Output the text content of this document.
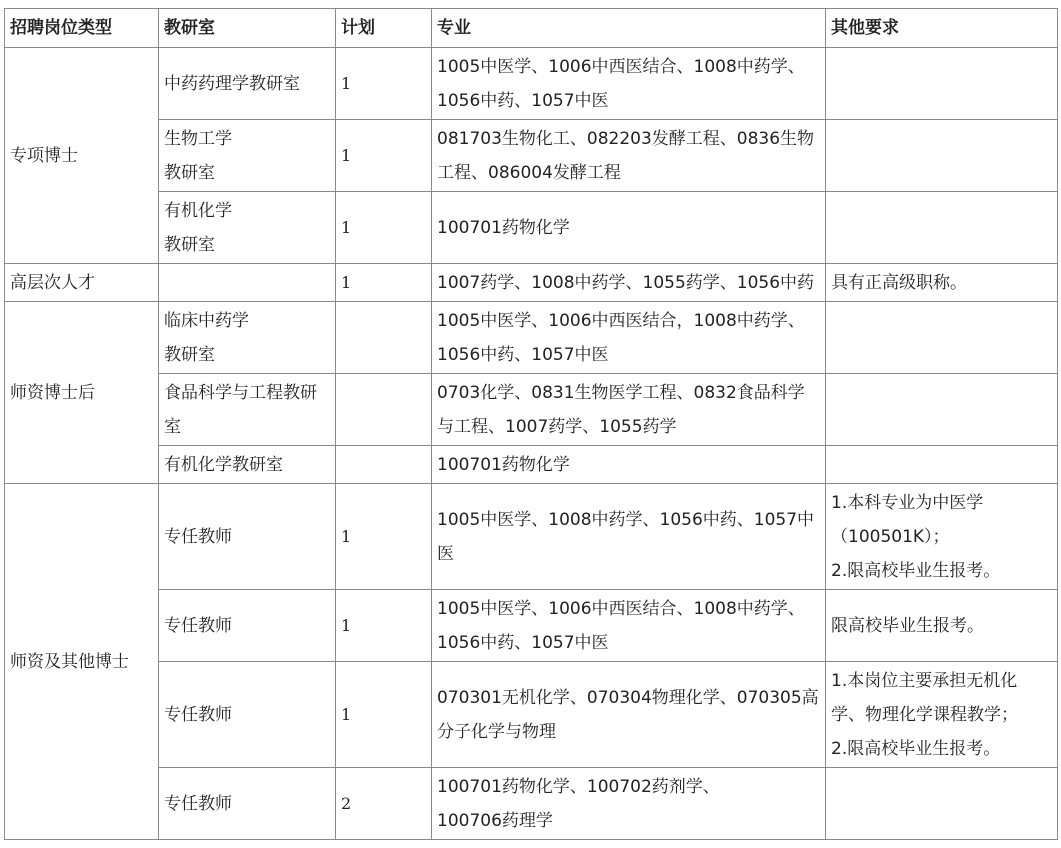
招聘岗位类型	教研室	计划	专业	其他要求
专项博士	中药药理学教研室	1	1005中医学、1006中西医结合、1008中药学、
1056中药、1057中医	

	生物工学
教研室	1	081703生物化工、082203发酵工程、0836生物
工程、086004发酵工程	

	有机化学
教研室	1	100701药物化学	

高层次人才		1	1007药学、1008中药学、1055药学、1056中药	具有正高级职称。

师资博士后	临床中药学
教研室		1005中医学、1006中西医结合，1008中药学、
1056中药、1057中医	

	食品科学与工程教研
室		0703化学、0831生物医学工程、0832食品科学
与工程、1007药学、1055药学	

	有机化学教研室		100701药物化学	

师资及其他博士	专任教师	1	1005中医学、1008中药学、1056中药、1057中
医	1.本科专业为中医学
（100501K）；
2.限高校毕业生报考。

	专任教师	1	1005中医学、1006中西医结合、1008中药学、
1056中药、1057中医	限高校毕业生报考。

	专任教师	1	070301无机化学、070304物理化学、070305高
分子化学与物理	1.本岗位主要承担无机化
学、物理化学课程教学；
2.限高校毕业生报考。

	专任教师	2	100701药物化学、100702药剂学、
100706药理学	
